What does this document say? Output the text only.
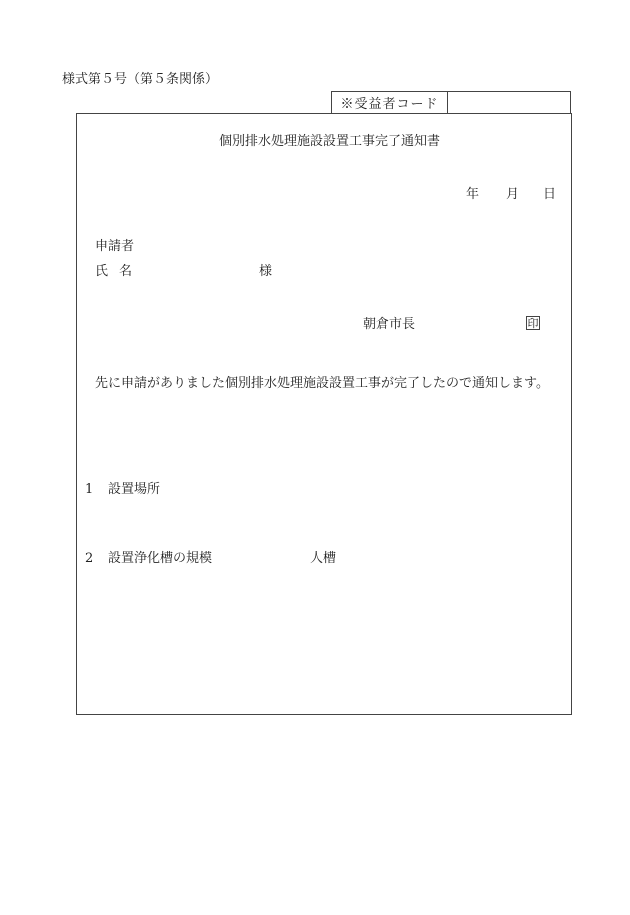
様式第５号（第５条関係）
※受益者コード
個別排水処理施設設置工事完了通知書
年 月 日
申請者
氏名	様
朝倉市長	印
先に申請がありました個別排水処理施設設置工事が完了したので通知します。
1 設置場所
2 設置浄化槽の規模	人槽
